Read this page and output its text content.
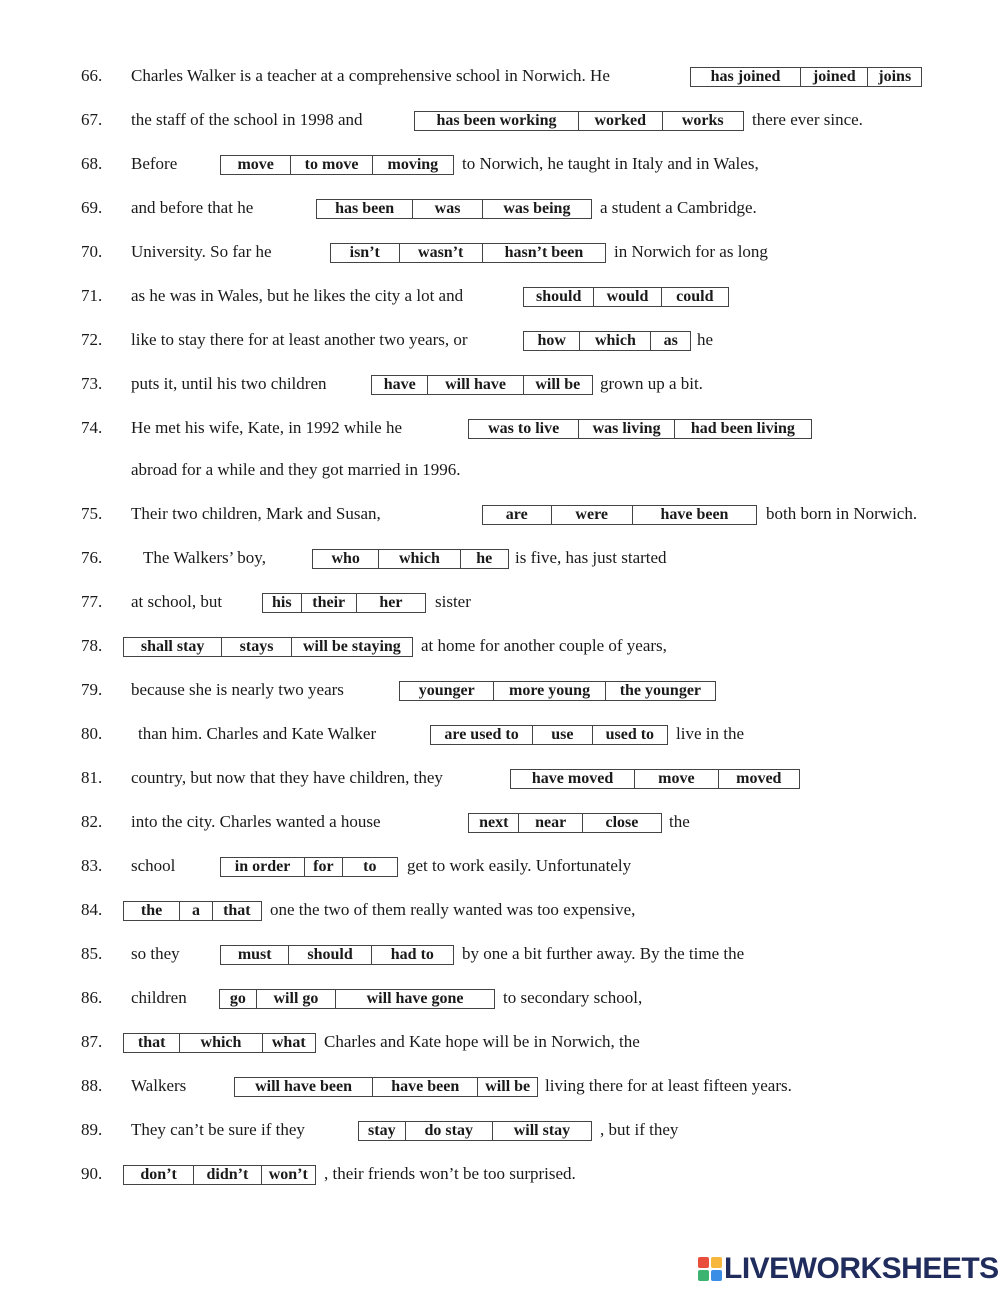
66. Charles Walker is a teacher at a comprehensive school in Norwich. He	has joined	joined	joins
67. the staff of the school in 1998 and	there ever since.
has been working	worked	works
68. Before	to Norwich, he taught in Italy and in Wales,
move	to move	moving
69. and before that he	a student a Cambridge.
has been	was	was being
70. University. So far he	in Norwich for as long
isn’t	wasn’t	hasn’t been
71. as he was in Wales, but he likes the city a lot and	should	would	could
72. like to stay there for at least another two years, or	he
how	which	as
73. puts it, until his two children	grown up a bit.
have	will have	will be
74. He met his wife, Kate, in 1992 while he	was to live	was living	had been living
abroad for a while and they got married in 1996.
75. Their two children, Mark and Susan,	both born in Norwich.
are	were	have been
76. The Walkers’ boy,	is five, has just started
who	which	he
77. at school, but	sister
his	their	her
78.	at home for another couple of years,
shall stay	stays	will be staying
79. because she is nearly two years	younger	more young	the younger
80. than him. Charles and Kate Walker	live in the
are used to	use	used to
81. country, but now that they have children, they	have moved	move	moved
82. into the city. Charles wanted a house	the
next	near	close
83. school	get to work easily. Unfortunately
in order	for	to
84.	one the two of them really wanted was too expensive,
the	a	that
85. so they	by one a bit further away. By the time the
must	should	had to
86. children	to secondary school,
go	will go	will have gone
87.	Charles and Kate hope will be in Norwich, the
that	which	what
88. Walkers	living there for at least fifteen years.
will have been	have been	will be
89. They can’t be sure if they	, but if they
stay	do stay	will stay
90.	, their friends won’t be too surprised.
don’t	didn’t	won’t
LIVEWORKSHEETS
